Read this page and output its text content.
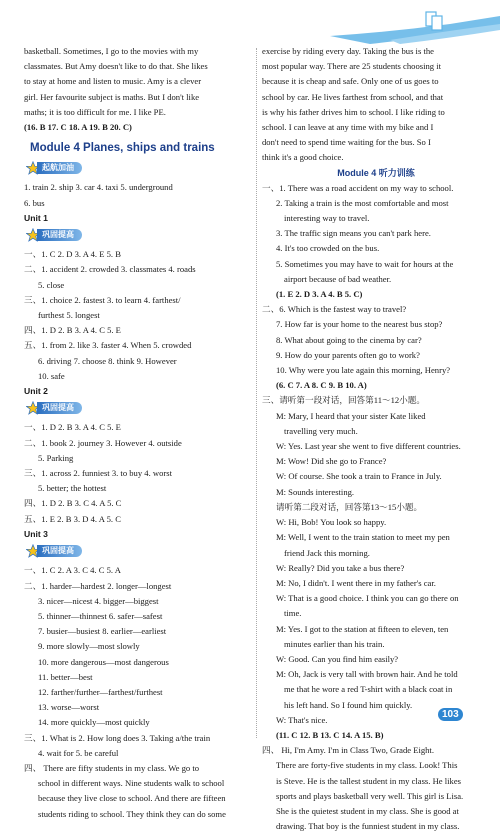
basketball. Sometimes, I go to the movies with my
classmates. But Amy doesn't like to do that. She likes
to stay at home and listen to music. Amy is a clever
girl. Her favourite subject is maths. But I don't like
maths; it is too difficult for me. I like PE.
(16. B 17. C 18. A 19. B 20. C)
Module 4 Planes, ships and trains
起航加油
1. train 2. ship 3. car 4. taxi 5. underground
6. bus
Unit 1
巩固提高
一、1. C 2. D 3. A 4. E 5. B
二、1. accident 2. crowded 3. classmates 4. roads
5. close
三、1. choice 2. fastest 3. to learn 4. farthest/
furthest 5. longest
四、1. D 2. B 3. A 4. C 5. E
五、1. from 2. like 3. faster 4. When 5. crowded
6. driving 7. choose 8. think 9. However
10. safe
Unit 2
巩固提高
一、1. D 2. B 3. A 4. C 5. E
二、1. book 2. journey 3. However 4. outside
5. Parking
三、1. across 2. funniest 3. to buy 4. worst
5. better; the hottest
四、1. D 2. B 3. C 4. A 5. C
五、1. E 2. B 3. D 4. A 5. C
Unit 3
巩固提高
一、1. C 2. A 3. C 4. C 5. A
二、1. harder—hardest 2. longer—longest
3. nicer—nicest 4. bigger—biggest
5. thinner—thinnest 6. safer—safest
7. busier—busiest 8. earlier—earliest
9. more slowly—most slowly
10. more dangerous—most dangerous
11. better—best
12. farther/further—farthest/furthest
13. worse—worst
14. more quickly—most quickly
三、1. What is 2. How long does 3. Taking a/the train
4. wait for 5. be careful
四、 There are fifty students in my class. We go to
school in different ways. Nine students walk to school
because they live close to school. And there are fifteen
students riding to school. They think they can do some
exercise by riding every day. Taking the bus is the
most popular way. There are 25 students choosing it
because it is cheap and safe. Only one of us goes to
school by car. He lives farthest from school, and that
is why his father drives him to school. I like riding to
school. I can leave at any time with my bike and I
don't need to spend time waiting for the bus. So I
think it's a good choice.
Module 4 听力训练
一、1. There was a road accident on my way to school.
2. Taking a train is the most comfortable and most
interesting way to travel.
3. The traffic sign means you can't park here.
4. It's too crowded on the bus.
5. Sometimes you may have to wait for hours at the
airport because of bad weather.
(1. E 2. D 3. A 4. B 5. C)
二、6. Which is the fastest way to travel?
7. How far is your home to the nearest bus stop?
8. What about going to the cinema by car?
9. How do your parents often go to work?
10. Why were you late again this morning, Henry?
(6. C 7. A 8. C 9. B 10. A)
三、请听第一段对话，回答第11～12小题。
M: Mary, I heard that your sister Kate liked
travelling very much.
W: Yes. Last year she went to five different countries.
M: Wow! Did she go to France?
W: Of course. She took a train to France in July.
M: Sounds interesting.
请听第二段对话，回答第13～15小题。
W: Hi, Bob! You look so happy.
M: Well, I went to the train station to meet my pen
friend Jack this morning.
W: Really? Did you take a bus there?
M: No, I didn't. I went there in my father's car.
W: That is a good choice. I think you can go there on
time.
M: Yes. I got to the station at fifteen to eleven, ten
minutes earlier than his train.
W: Good. Can you find him easily?
M: Oh, Jack is very tall with brown hair. And he told
me that he wore a red T-shirt with a black coat in
his left hand. So I found him quickly.
W: That's nice.
(11. C 12. B 13. C 14. A 15. B)
四、 Hi, I'm Amy. I'm in Class Two, Grade Eight.
There are forty-five students in my class. Look! This
is Steve. He is the tallest student in my class. He likes
sports and plays basketball very well. This girl is Lisa.
She is the quietest student in my class. She is good at
drawing. That boy is the funniest student in my class.
103
